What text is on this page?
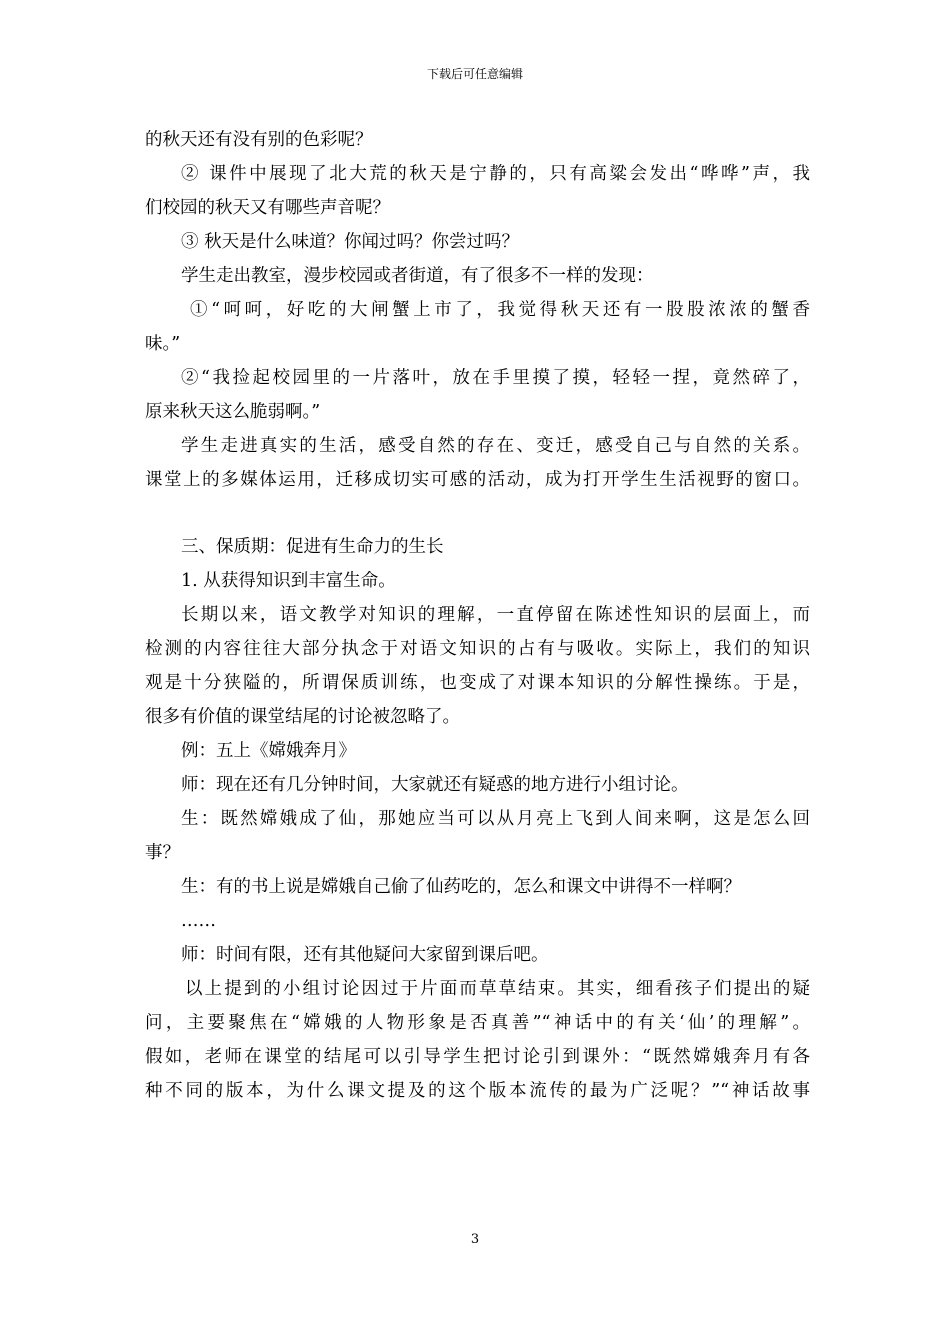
下载后可任意编辑
的秋天还有没有别的色彩呢？
② 课件中展现了北大荒的秋天是宁静的，只有高粱会发出“哗哗”声，我
们校园的秋天又有哪些声音呢？
③ 秋天是什么味道？你闻过吗？你尝过吗？
学生走出教室，漫步校园或者街道，有了很多不一样的发现：
①“呵呵，好吃的大闸蟹上市了，我觉得秋天还有一股股浓浓的蟹香
味。”
②“我捡起校园里的一片落叶，放在手里摸了摸，轻轻一捏，竟然碎了，
原来秋天这么脆弱啊。”
学生走进真实的生活，感受自然的存在、变迁，感受自己与自然的关系。
课堂上的多媒体运用，迁移成切实可感的活动，成为打开学生生活视野的窗口。
三、保质期：促进有生命力的生长
1. 从获得知识到丰富生命。
长期以来，语文教学对知识的理解，一直停留在陈述性知识的层面上，而
检测的内容往往大部分执念于对语文知识的占有与吸收。实际上，我们的知识
观是十分狭隘的，所谓保质训练，也变成了对课本知识的分解性操练。于是，
很多有价值的课堂结尾的讨论被忽略了。
例：五上《嫦娥奔月》
师：现在还有几分钟时间，大家就还有疑惑的地方进行小组讨论。
生：既然嫦娥成了仙，那她应当可以从月亮上飞到人间来啊，这是怎么回
事？
生：有的书上说是嫦娥自己偷了仙药吃的，怎么和课文中讲得不一样啊？
……
师：时间有限，还有其他疑问大家留到课后吧。
以上提到的小组讨论因过于片面而草草结束。其实，细看孩子们提出的疑
问，主要聚焦在“嫦娥的人物形象是否真善”“神话中的有关‘仙’的理解”。
假如，老师在课堂的结尾可以引导学生把讨论引到课外：“既然嫦娥奔月有各
种不同的版本，为什么课文提及的这个版本流传的最为广泛呢？”“神话故事
3
